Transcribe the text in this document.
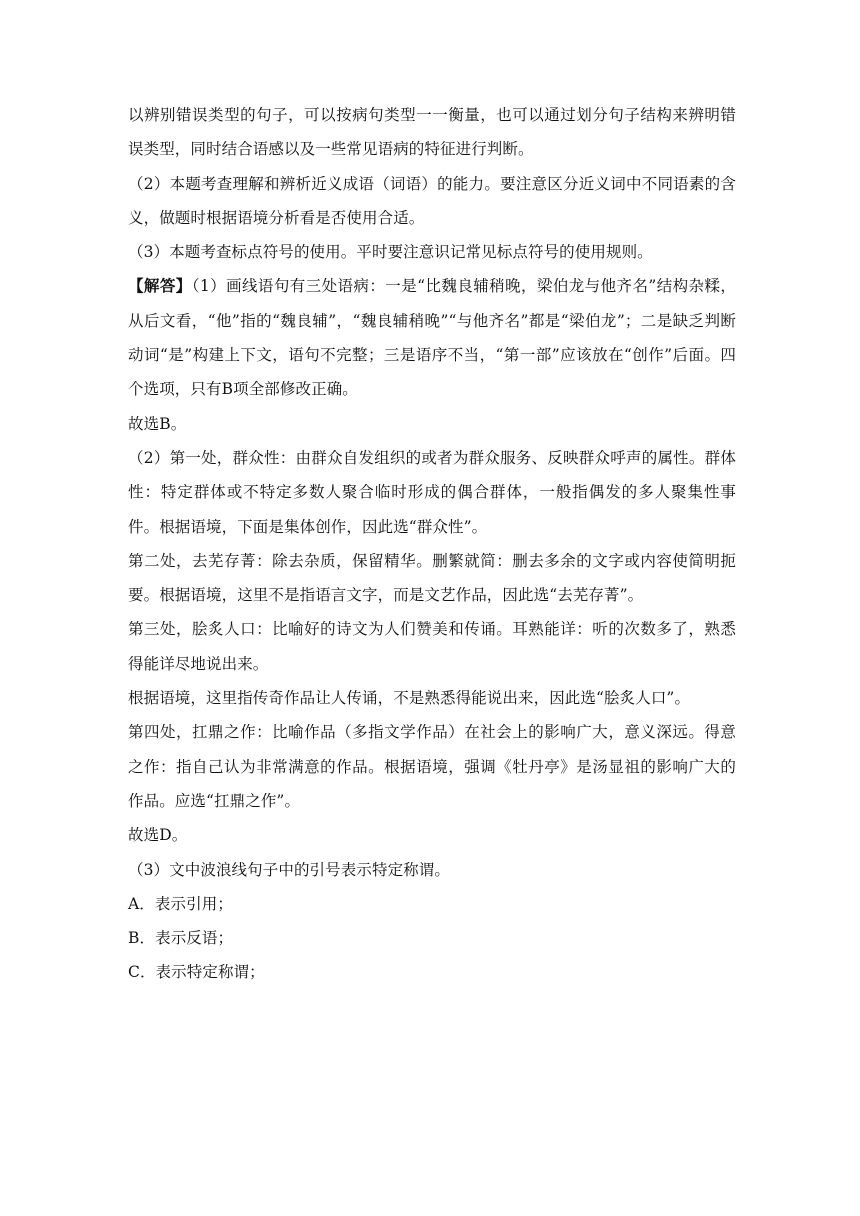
以辨别错误类型的句子，可以按病句类型一一衡量，也可以通过划分句子结构来辨明错误类型，同时结合语感以及一些常见语病的特征进行判断。

（2）本题考查理解和辨析近义成语（词语）的能力。要注意区分近义词中不同语素的含义，做题时根据语境分析看是否使用合适。

（3）本题考查标点符号的使用。平时要注意识记常见标点符号的使用规则。

【解答】（1）画线语句有三处语病：一是“比魏良辅稍晚，梁伯龙与他齐名”结构杂糅，从后文看，“他”指的“魏良辅”，“魏良辅稍晚”“与他齐名”都是“梁伯龙”；二是缺乏判断动词“是”构建上下文，语句不完整；三是语序不当，“第一部”应该放在“创作”后面。四个选项，只有B项全部修改正确。

故选B。

（2）第一处，群众性：由群众自发组织的或者为群众服务、反映群众呼声的属性。群体性：特定群体或不特定多数人聚合临时形成的偶合群体，一般指偶发的多人聚集性事件。根据语境，下面是集体创作，因此选“群众性”。

第二处，去芜存菁：除去杂质，保留精华。删繁就简：删去多余的文字或内容使简明扼要。根据语境，这里不是指语言文字，而是文艺作品，因此选“去芜存菁”。

第三处，脍炙人口：比喻好的诗文为人们赞美和传诵。耳熟能详：听的次数多了，熟悉得能详尽地说出来。

根据语境，这里指传奇作品让人传诵，不是熟悉得能说出来，因此选“脍炙人口”。

第四处，扛鼎之作：比喻作品（多指文学作品）在社会上的影响广大，意义深远。得意之作：指自己认为非常满意的作品。根据语境，强调《牡丹亭》是汤显祖的影响广大的作品。应选“扛鼎之作”。

故选D。

（3）文中波浪线句子中的引号表示特定称谓。

A．表示引用；

B．表示反语；

C．表示特定称谓；
